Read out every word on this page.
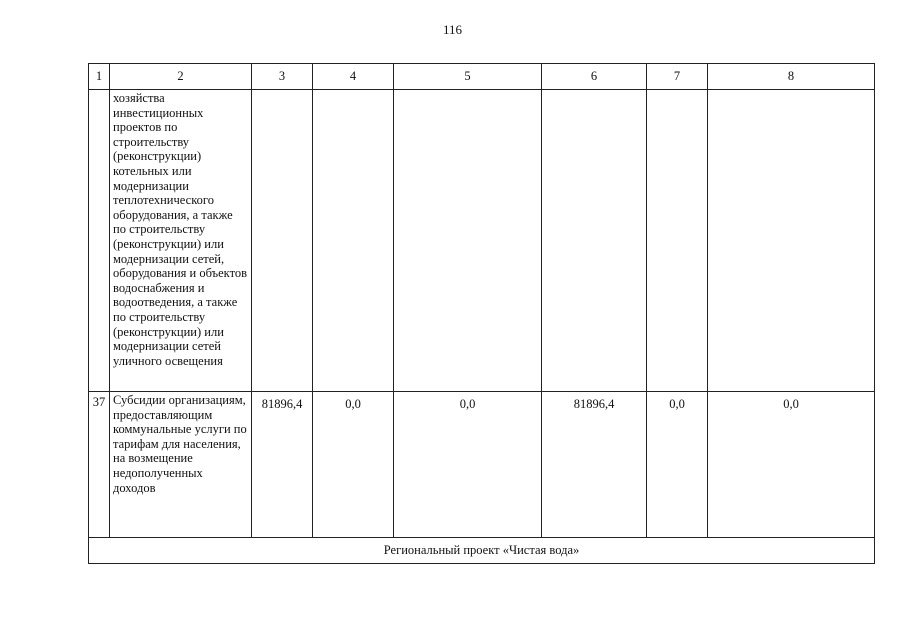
116
1	2	3	4	5	6	7	8
	хозяйства инвестиционных проектов по строительству (реконструкции) котельных или модернизации теплотехнического оборудования, а также по строительству (реконструкции) или модернизации сетей, оборудования и объектов водоснабжения и водоотведения, а также по строительству (реконструкции) или модернизации сетей уличного освещения						
37	Субсидии организациям, предоставляющим коммунальные услуги по тарифам для населения, на возмещение недополученных доходов	81896,4	0,0	0,0	81896,4	0,0	0,0
Региональный проект «Чистая вода»							
